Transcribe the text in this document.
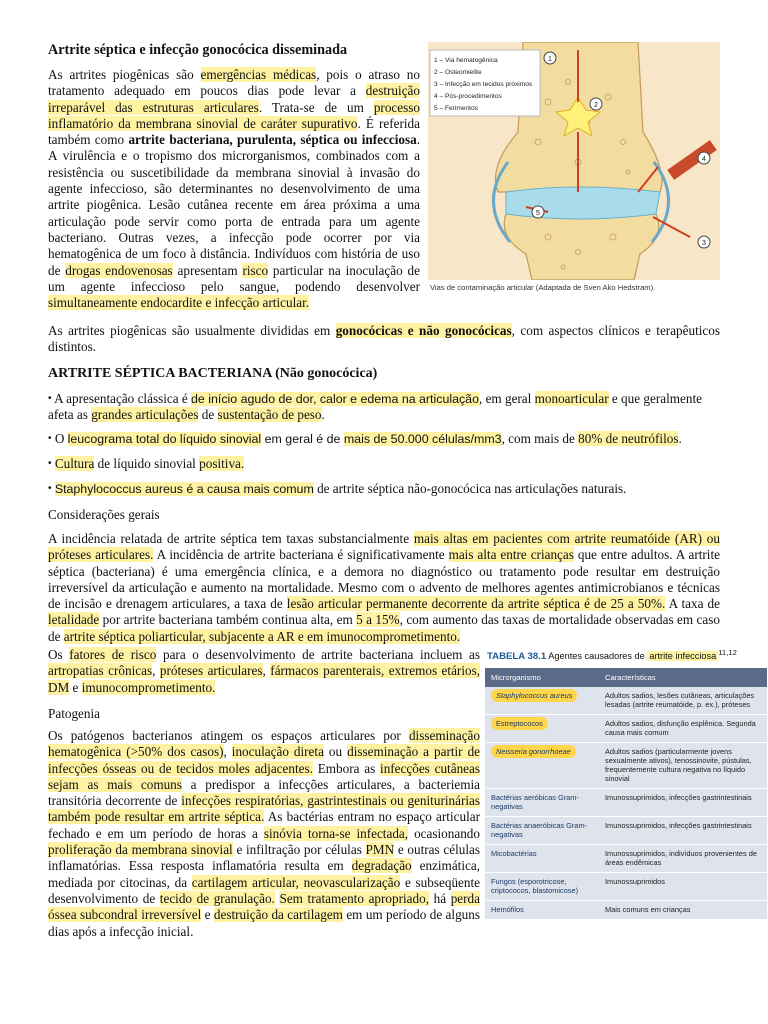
Artrite séptica e infecção gonocócica disseminada

As artrites piogênicas são emergências médicas, pois o atraso no tratamento adequado em poucos dias pode levar a destruição irreparável das estruturas articulares. Trata-se de um processo inflamatório da membrana sinovial de caráter supurativo. É referida também como artrite bacteriana, purulenta, séptica ou infecciosa. A virulência e o tropismo dos microrganismos, combinados com a resistência ou suscetibilidade da membrana sinovial à invasão do agente infeccioso, são determinantes no desenvolvimento de uma artrite piogênica. Lesão cutânea recente em área próxima a uma articulação pode servir como porta de entrada para um agente bacteriano. Outras vezes, a infecção pode ocorrer por via hematogênica de um foco à distância. Indivíduos com história de uso de drogas endovenosas apresentam risco particular na inoculação de um agente infeccioso pelo sangue, podendo desenvolver simultaneamente endocardite e infecção articular.

1 – Via hematogênica
2 – Osteomielite
3 – Infecção em tecidos próximos
4 – Pós-procedimentos
5 – Ferimentos
1
2
3
4
5
Vias de contaminação articular (Adaptada de Sven Ako Hedstram).

As artrites piogênicas são usualmente divididas em gonocócicas e não gonocócicas, com aspectos clínicos e terapêuticos distintos.

ARTRITE SÉPTICA BACTERIANA (Não gonocócica)

• A apresentação clássica é de início agudo de dor, calor e edema na articulação, em geral monoarticular e que geralmente afeta as grandes articulações de sustentação de peso.

• O leucograma total do líquido sinovial em geral é de mais de 50.000 células/mm3, com mais de 80% de neutrófilos.

• Cultura de líquido sinovial positiva.

• Staphylococcus aureus é a causa mais comum de artrite séptica não-gonocócica nas articulações naturais.

Considerações gerais

A incidência relatada de artrite séptica tem taxas substancialmente mais altas em pacientes com artrite reumatóide (AR) ou próteses articulares. A incidência de artrite bacteriana é significativamente mais alta entre crianças que entre adultos. A artrite séptica (bacteriana) é uma emergência clínica, e a demora no diagnóstico ou tratamento pode resultar em destruição irreversível da articulação e aumento na mortalidade. Mesmo com o advento de melhores agentes antimicrobianos e técnicas de incisão e drenagem articulares, a taxa de lesão articular permanente decorrente da artrite séptica é de 25 a 50%. A taxa de letalidade por artrite bacteriana também continua alta, em 5 a 15%, com aumento das taxas de mortalidade observadas em caso de artrite séptica poliarticular, subjacente a AR e em imunocomprometimento.

Os fatores de risco para o desenvolvimento de artrite bacteriana incluem as artropatias crônicas, próteses articulares, fármacos parenterais, extremos etários, DM e imunocomprometimento.

Patogenia

Os patógenos bacterianos atingem os espaços articulares por disseminação hematogênica (>50% dos casos), inoculação direta ou disseminação a partir de infecções ósseas ou de tecidos moles adjacentes. Embora as infecções cutâneas sejam as mais comuns a predispor a infecções articulares, a bacteriemia transitória decorrente de infecções respiratórias, gastrintestinais ou geniturinárias também pode resultar em artrite séptica. As bactérias entram no espaço articular fechado e em um período de horas a sinóvia torna-se infectada, ocasionando proliferação da membrana sinovial e infiltração por células PMN e outras células inflamatórias. Essa resposta inflamatória resulta em degradação enzimática, mediada por citocinas, da cartilagem articular, neovascularização e subseqüente desenvolvimento de tecido de granulação. Sem tratamento apropriado, há perda óssea subcondral irreversível e destruição da cartilagem em um período de alguns dias após a infecção inicial.

TABELA 38.1 Agentes causadores de artrite infecciosa $^{11,12}$
Microrganismo	Características
Staphylococcus aureus	Adultos sadios, lesões cutâneas, articulações lesadas (artrite reumatóide, p. ex.), próteses
Estreptococos	Adultos sadios, disfunção esplênica. Segunda causa mais comum
Neisseria gonorrhoeae	Adultos sadios (particularmente jovens sexualmente ativos), tenossinovite, pústulas, frequentemente cultura negativa no líquido sinovial
Bactérias aeróbicas Gram-negativas	Imunossuprimidos, infecções gastrintestinais
Bactérias anaeróbicas Gram-negativas	Imunossuprimidos, infecções gastrintestinais
Micobactérias	Imunossuprimidos, indivíduos provenientes de áreas endêmicas
Fungos (esporotricose, criptococos, blastomicose)	Imunossuprimidos
Hemófilos	Mais comuns em crianças
